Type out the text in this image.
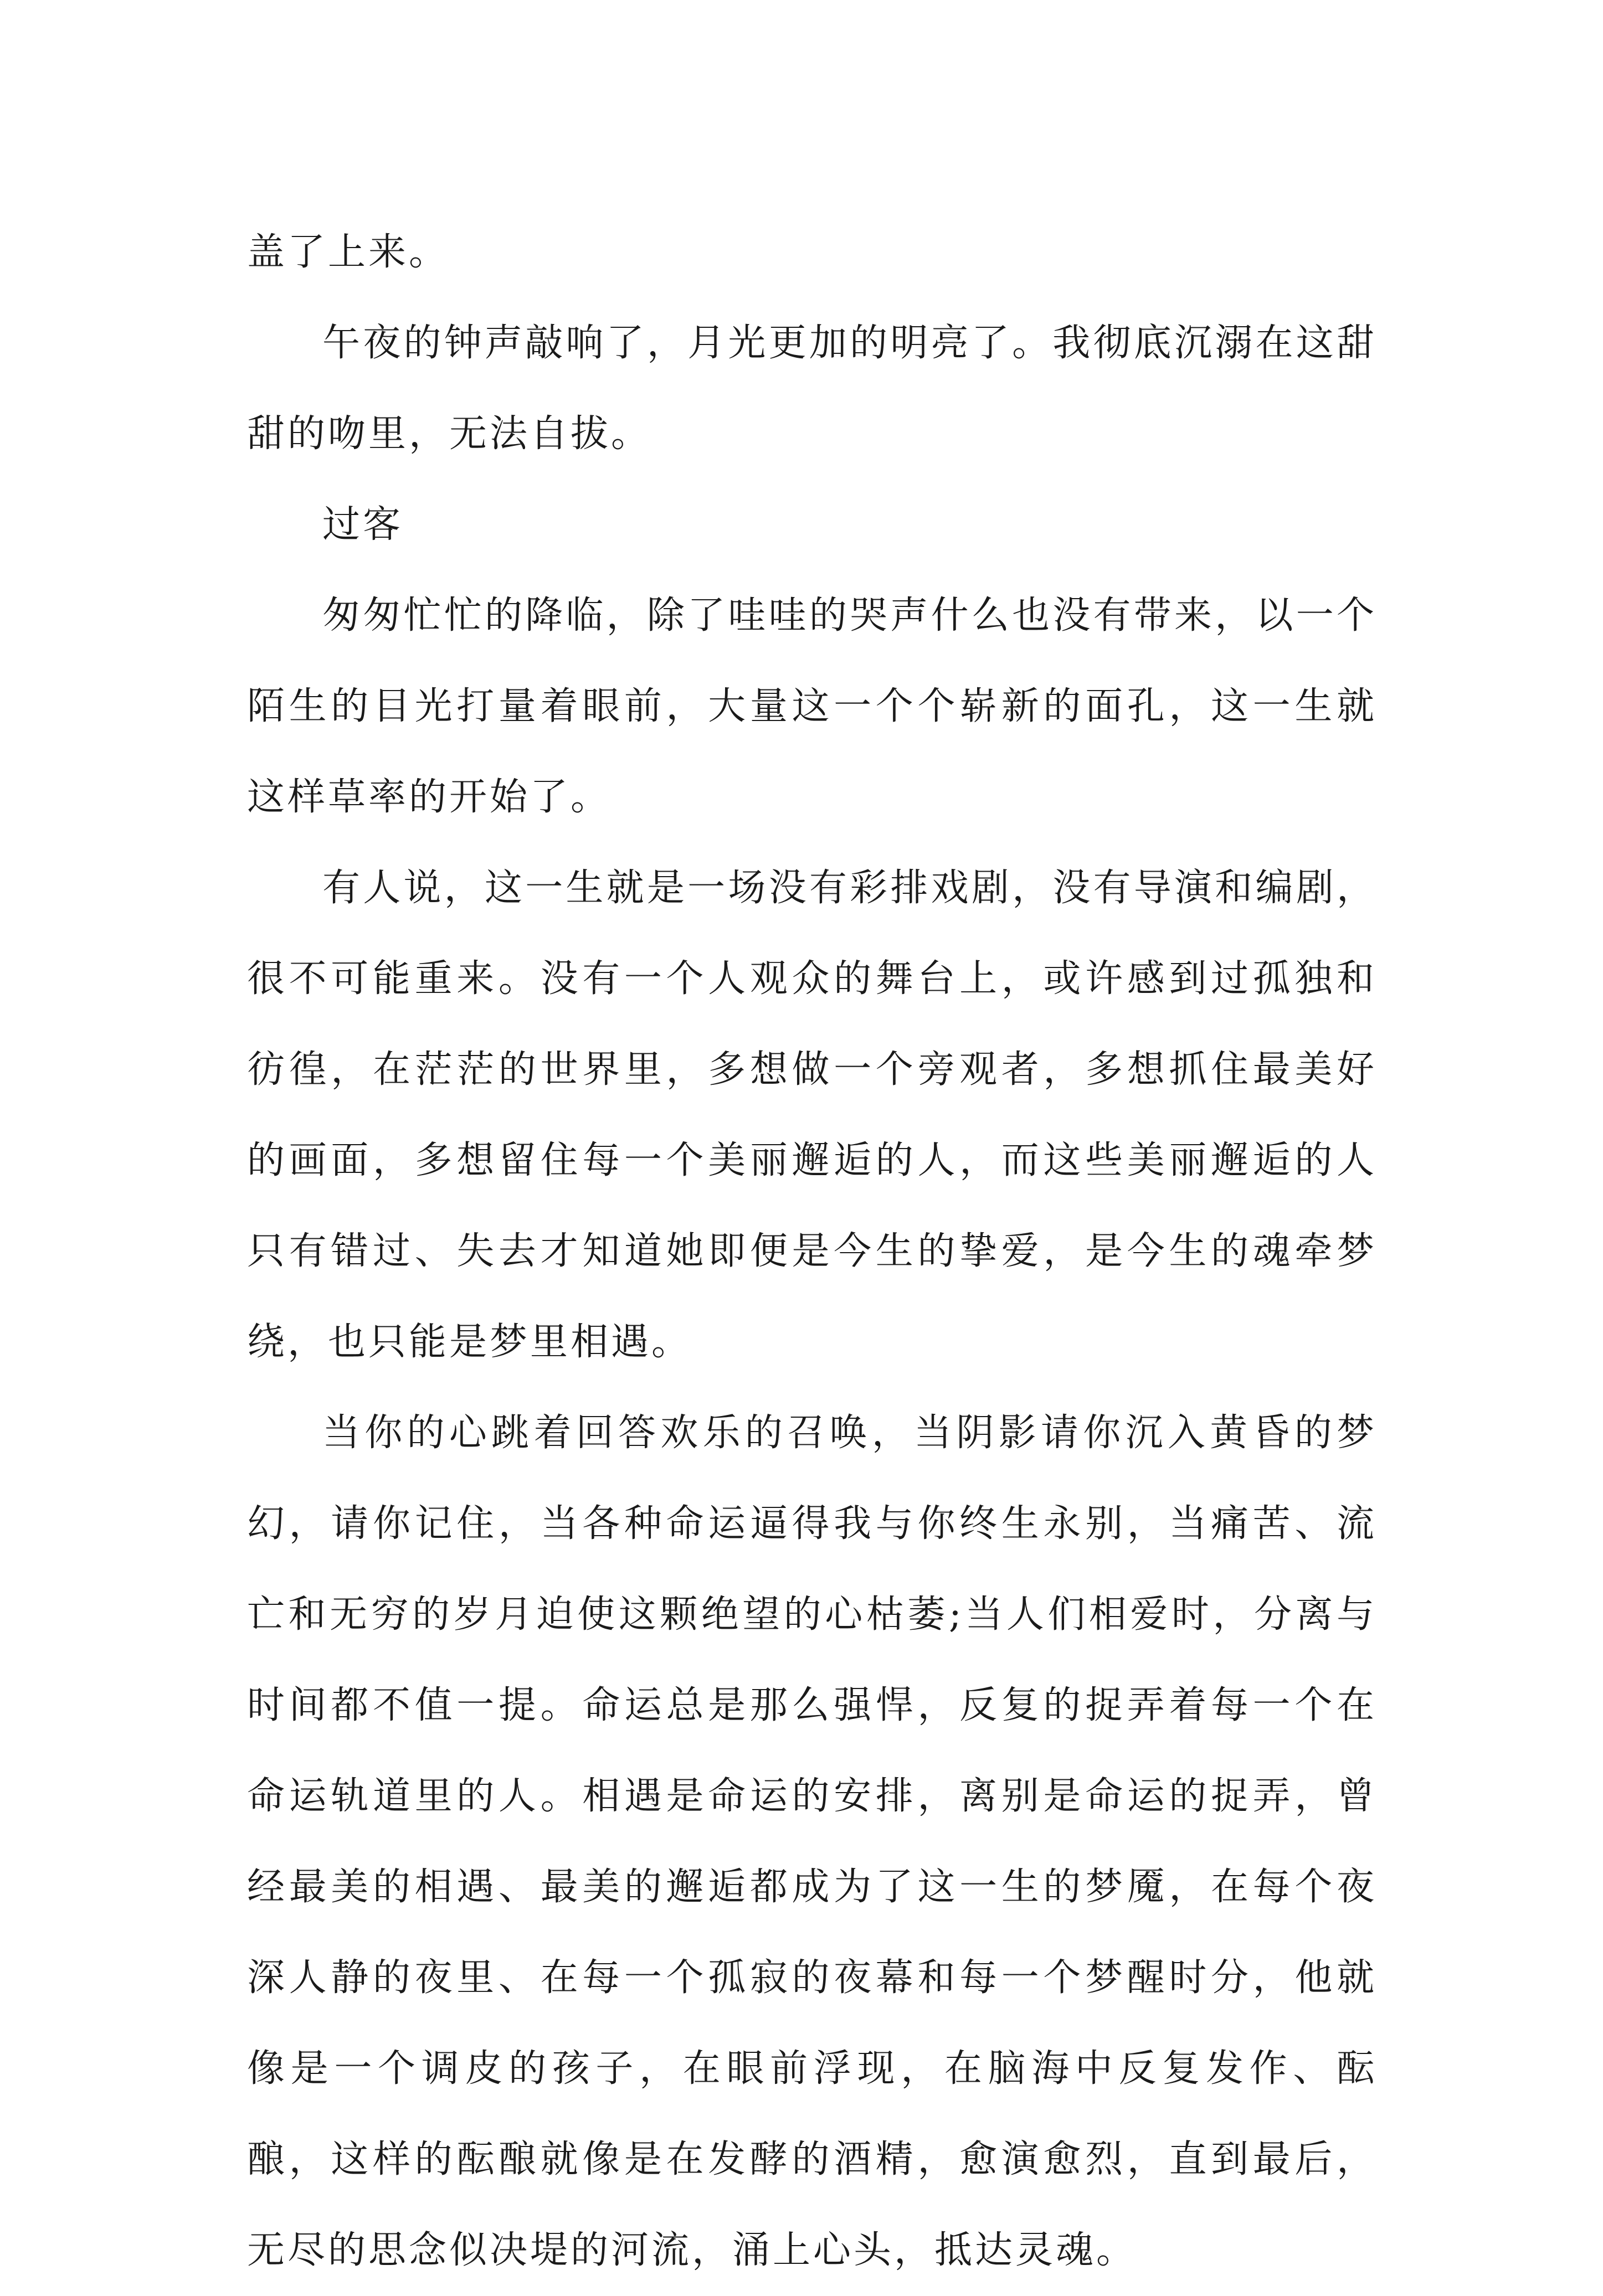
盖了上来。

午夜的钟声敲响了，月光更加的明亮了。我彻底沉溺在这甜甜的吻里，无法自拔。

过客

匆匆忙忙的降临，除了哇哇的哭声什么也没有带来，以一个陌生的目光打量着眼前，大量这一个个崭新的面孔，这一生就这样草率的开始了。

有人说，这一生就是一场没有彩排戏剧，没有导演和编剧，很不可能重来。没有一个人观众的舞台上，或许感到过孤独和彷徨，在茫茫的世界里，多想做一个旁观者，多想抓住最美好的画面，多想留住每一个美丽邂逅的人，而这些美丽邂逅的人只有错过、失去才知道她即便是今生的挚爱，是今生的魂牵梦绕，也只能是梦里相遇。

当你的心跳着回答欢乐的召唤，当阴影请你沉入黄昏的梦幻，请你记住，当各种命运逼得我与你终生永别，当痛苦、流亡和无穷的岁月迫使这颗绝望的心枯萎;当人们相爱时，分离与时间都不值一提。命运总是那么强悍，反复的捉弄着每一个在命运轨道里的人。相遇是命运的安排，离别是命运的捉弄，曾经最美的相遇、最美的邂逅都成为了这一生的梦魇，在每个夜深人静的夜里、在每一个孤寂的夜幕和每一个梦醒时分，他就像是一个调皮的孩子，在眼前浮现，在脑海中反复发作、酝酿，这样的酝酿就像是在发酵的酒精，愈演愈烈，直到最后，无尽的思念似决堤的河流，涌上心头，抵达灵魂。
